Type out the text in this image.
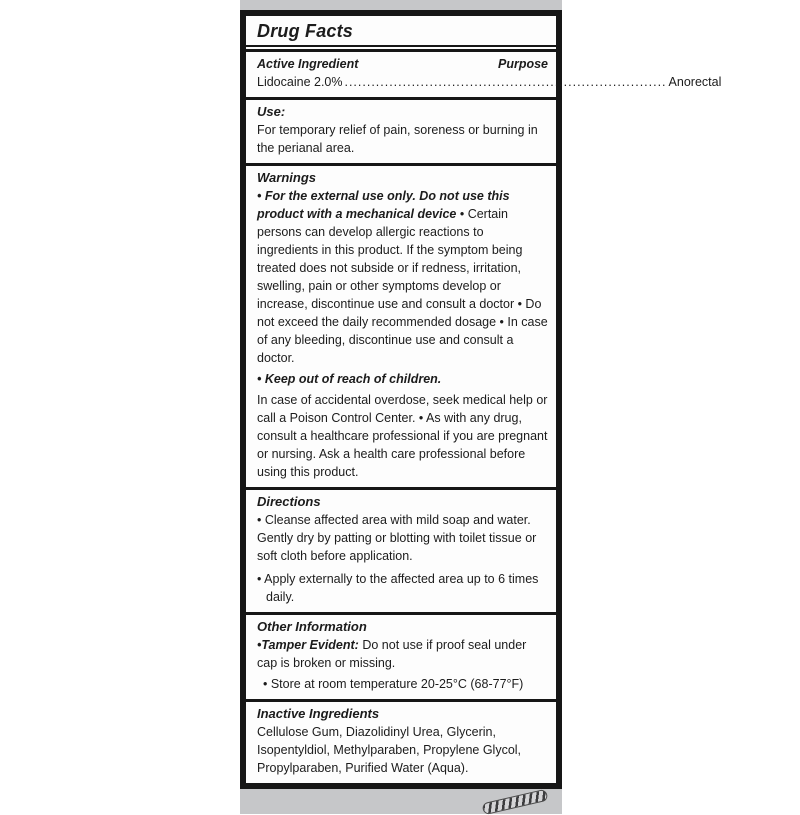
Drug Facts
Active Ingredient	Purpose
Lidocaine 2.0% ........................................................................ Anorectal
Use:
For temporary relief of pain, soreness or burning in the perianal area.
Warnings
• For the external use only. Do not use this product with a mechanical device • Certain persons can develop allergic reactions to ingredients in this product. If the symptom being treated does not subside or if redness, irritation, swelling, pain or other symptoms develop or increase, discontinue use and consult a doctor • Do not exceed the daily recommended dosage • In case of any bleeding, discontinue use and consult a doctor.
• Keep out of reach of children.
In case of accidental overdose, seek medical help or call a Poison Control Center. • As with any drug, consult a healthcare professional if you are pregnant or nursing. Ask a health care professional before using this product.
Directions
• Cleanse affected area with mild soap and water. Gently dry by patting or blotting with toilet tissue or soft cloth before application.
• Apply externally to the affected area up to 6 times daily.
Other Information
•Tamper Evident: Do not use if proof seal under cap is broken or missing.
• Store at room temperature 20-25°C (68-77°F)
Inactive Ingredients
Cellulose Gum, Diazolidinyl Urea, Glycerin, Isopentyldiol, Methylparaben, Propylene Glycol, Propylparaben, Purified Water (Aqua).
